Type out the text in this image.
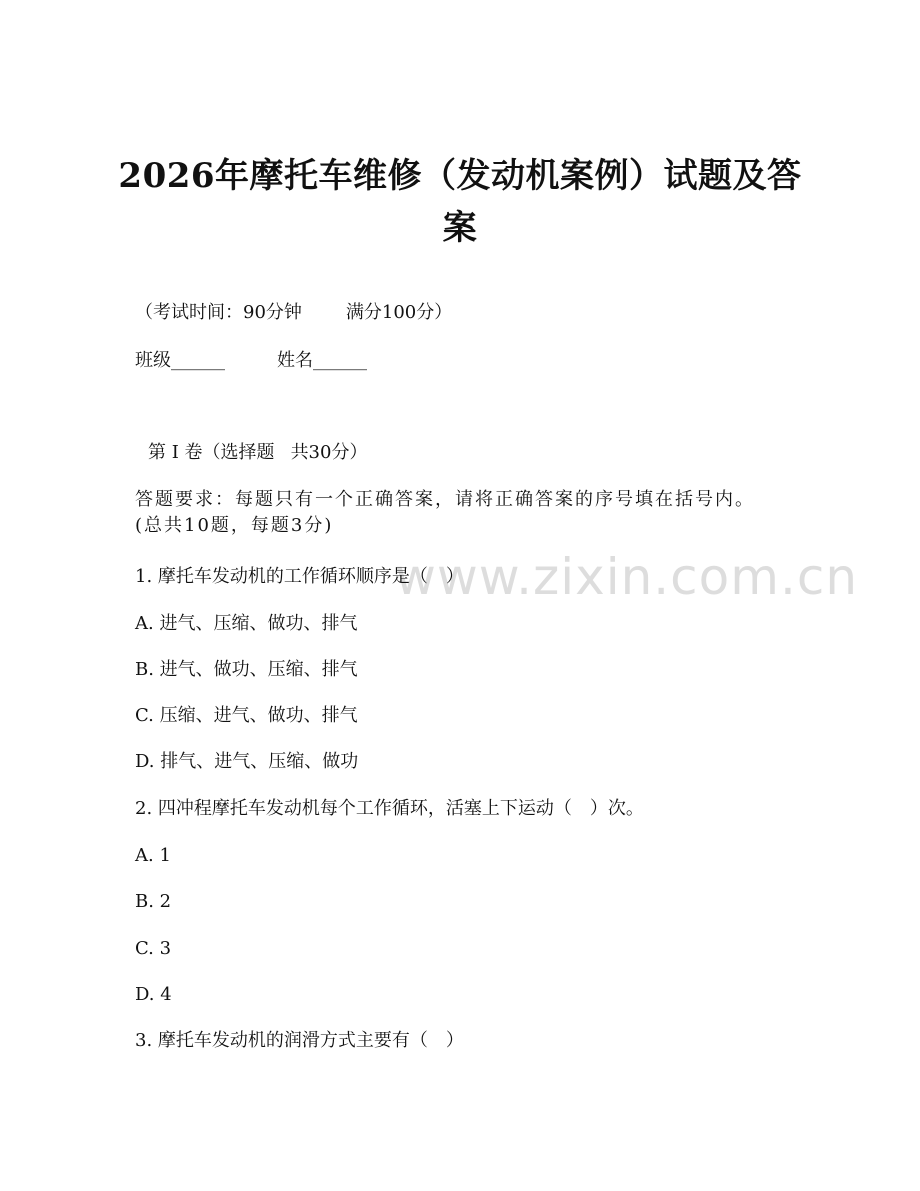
www.zixin.com.cn
2026年摩托车维修（发动机案例）试题及答案
（考试时间：90分钟 满分100分）
班级______	姓名______
第 I 卷（选择题 共30分）
答题要求：每题只有一个正确答案，请将正确答案的序号填在括号内。(总共10题，每题3分)
1. 摩托车发动机的工作循环顺序是（　）
A. 进气、压缩、做功、排气
B. 进气、做功、压缩、排气
C. 压缩、进气、做功、排气
D. 排气、进气、压缩、做功
2. 四冲程摩托车发动机每个工作循环，活塞上下运动（　）次。
A. 1
B. 2
C. 3
D. 4
3. 摩托车发动机的润滑方式主要有（　）
